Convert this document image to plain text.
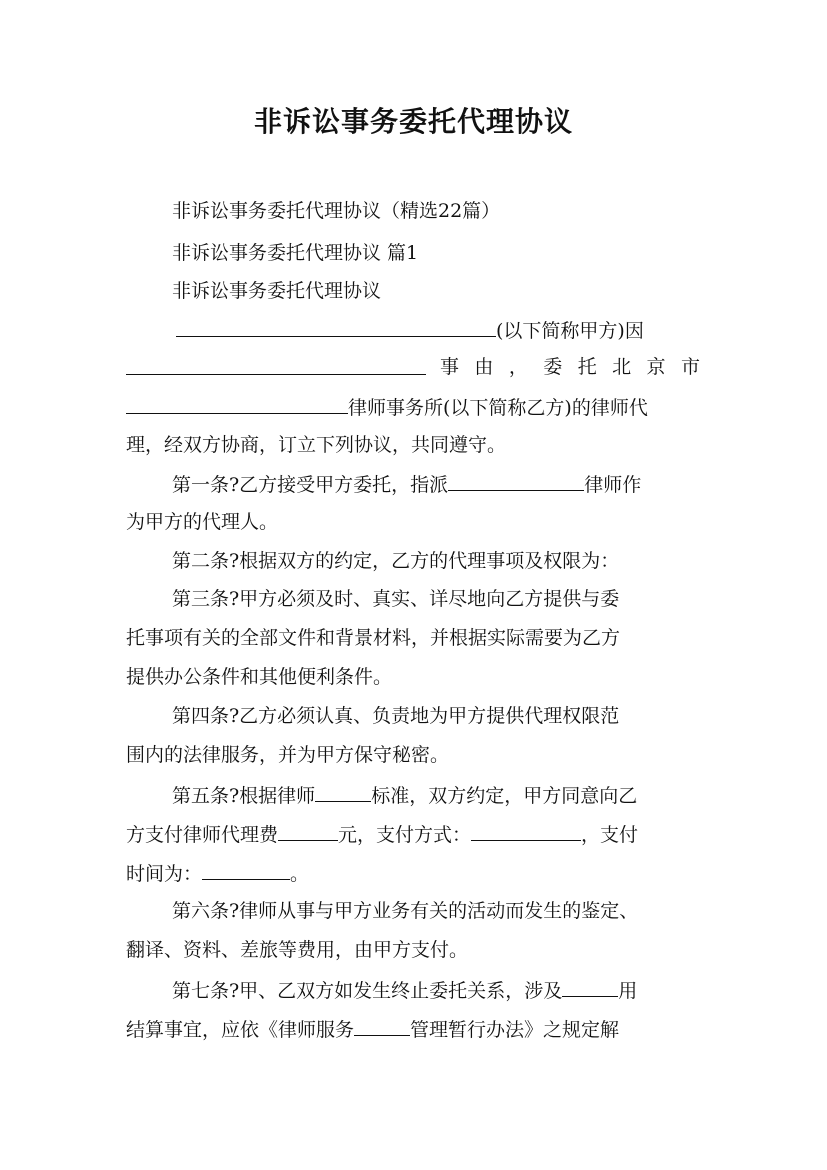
非诉讼事务委托代理协议
非诉讼事务委托代理协议（精选22篇）
非诉讼事务委托代理协议 篇1
非诉讼事务委托代理协议
(以下简称甲方)因
事 由 ， 委 托 北 京 市
律师事务所(以下简称乙方)的律师代
理，经双方协商，订立下列协议，共同遵守。
第一条?乙方接受甲方委托，指派	律师作
为甲方的代理人。
第二条?根据双方的约定，乙方的代理事项及权限为：
第三条?甲方必须及时、真实、详尽地向乙方提供与委
托事项有关的全部文件和背景材料，并根据实际需要为乙方
提供办公条件和其他便利条件。
第四条?乙方必须认真、负责地为甲方提供代理权限范
围内的法律服务，并为甲方保守秘密。
第五条?根据律师	标准，双方约定，甲方同意向乙
方支付律师代理费	元，支付方式：	，支付
时间为：	。
第六条?律师从事与甲方业务有关的活动而发生的鉴定、
翻译、资料、差旅等费用，由甲方支付。
第七条?甲、乙双方如发生终止委托关系，涉及	用
结算事宜，应依《律师服务	管理暂行办法》之规定解
